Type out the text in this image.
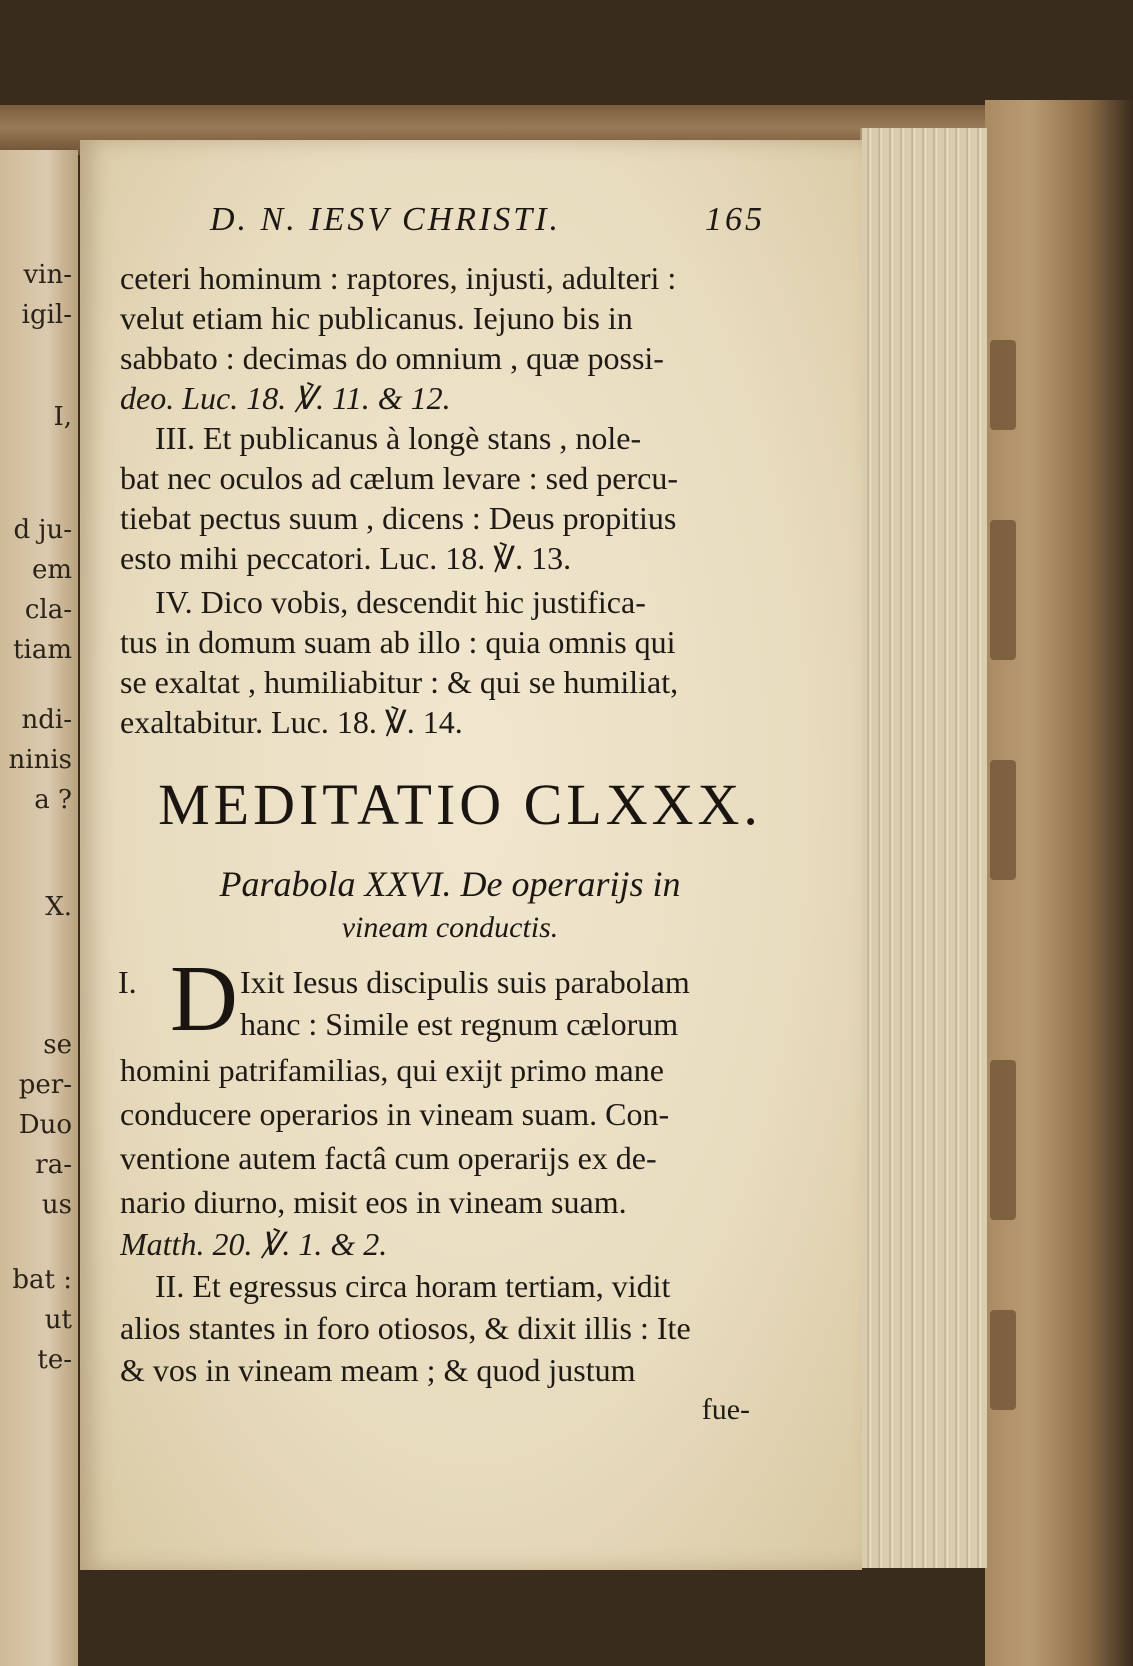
vin-
igil-
I,
d ju-
em
cla-
tiam
ndi-
ninis
a ?
X.
se
per-
Duo
ra-
us
bat :
ut
te-
D. N. IESV CHRISTI.	165
ceteri hominum : raptores, injusti, adulteri :
velut etiam hic publicanus. Iejuno bis in
sabbato : decimas do omnium , quæ possi-
deo. Luc. 18. ℣. 11. & 12.
III. Et publicanus à longè stans , nole-
bat nec oculos ad cælum levare : sed percu-
tiebat pectus suum , dicens : Deus propitius
esto mihi peccatori. Luc. 18. ℣. 13.
IV. Dico vobis, descendit hic justifica-
tus in domum suam ab illo : quia omnis qui
se exaltat , humiliabitur : & qui se humiliat,
exaltabitur. Luc. 18. ℣. 14.
MEDITATIO CLXXX.
Parabola XXVI. De operarijs in
vineam conductis.
I. D Ixit Iesus discipulis suis parabolam
hanc : Simile est regnum cælorum
homini patrifamilias, qui exijt primo mane
conducere operarios in vineam suam. Con-
ventione autem factâ cum operarijs ex de-
nario diurno, misit eos in vineam suam.
Matth. 20. ℣. 1. & 2.
II. Et egressus circa horam tertiam, vidit
alios stantes in foro otiosos, & dixit illis : Ite
& vos in vineam meam ; & quod justum
fue-
